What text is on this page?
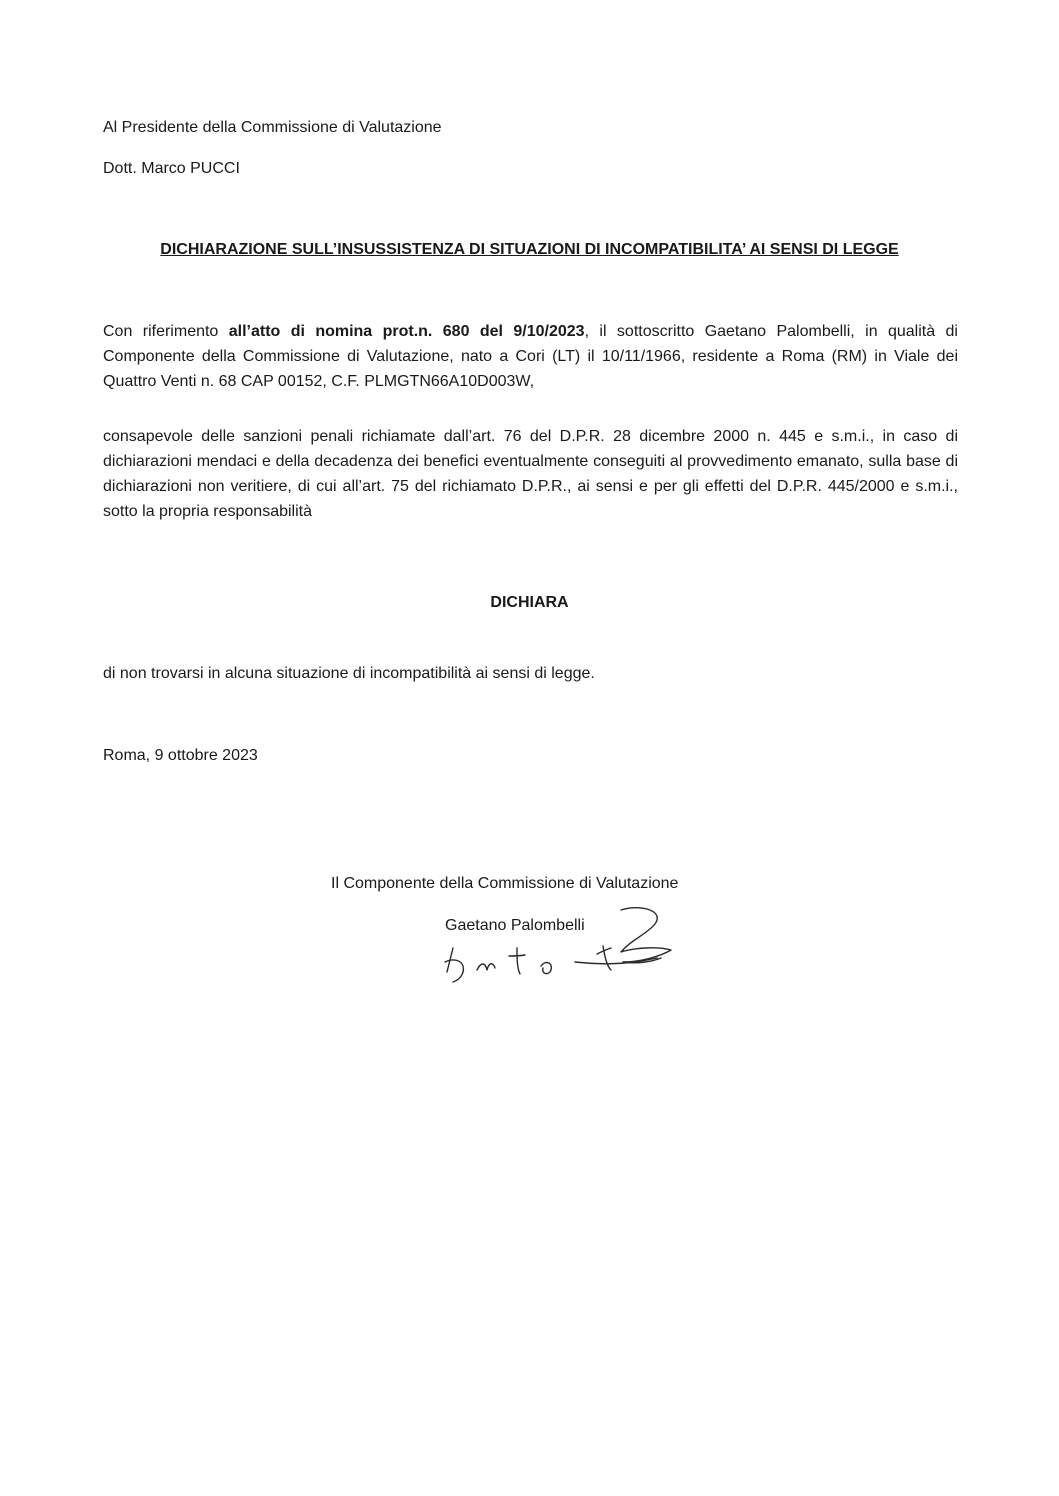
Al Presidente della Commissione di Valutazione
Dott. Marco PUCCI
DICHIARAZIONE SULL’INSUSSISTENZA DI SITUAZIONI DI INCOMPATIBILITA’ AI SENSI DI LEGGE
Con riferimento all’atto di nomina prot.n. 680 del 9/10/2023, il sottoscritto Gaetano Palombelli, in qualità di Componente della Commissione di Valutazione, nato a Cori (LT) il 10/11/1966, residente a Roma (RM) in Viale dei Quattro Venti n. 68 CAP 00152, C.F. PLMGTN66A10D003W,
consapevole delle sanzioni penali richiamate dall’art. 76 del D.P.R. 28 dicembre 2000 n. 445 e s.m.i., in caso di dichiarazioni mendaci e della decadenza dei benefici eventualmente conseguiti al provvedimento emanato, sulla base di dichiarazioni non veritiere, di cui all’art. 75 del richiamato D.P.R., ai sensi e per gli effetti del D.P.R. 445/2000 e s.m.i., sotto la propria responsabilità
DICHIARA
di non trovarsi in alcuna situazione di incompatibilità ai sensi di legge.
Roma, 9 ottobre 2023
Il Componente della Commissione di Valutazione
Gaetano Palombelli
